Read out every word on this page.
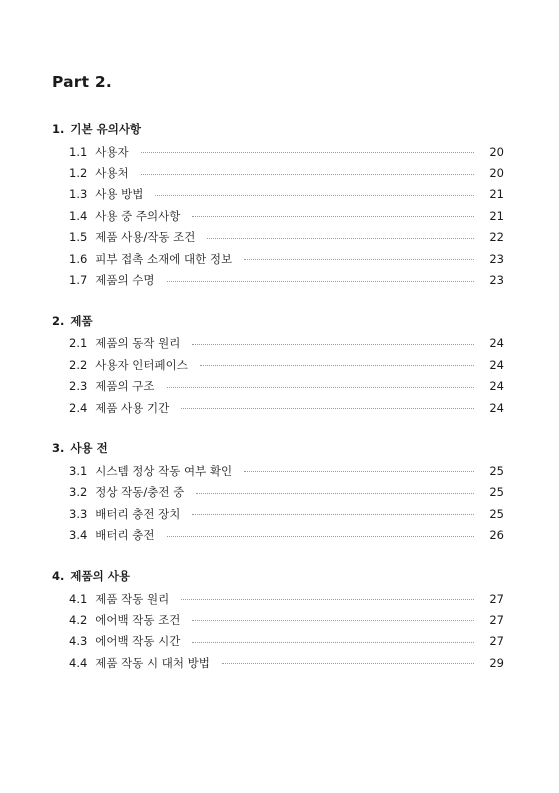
Part 2.
1. 기본 유의사항
1.1 사용자	20
1.2 사용처	20
1.3 사용 방법	21
1.4 사용 중 주의사항	21
1.5 제품 사용/작동 조건	22
1.6 피부 접촉 소재에 대한 정보	23
1.7 제품의 수명	23
2. 제품
2.1 제품의 동작 원리	24
2.2 사용자 인터페이스	24
2.3 제품의 구조	24
2.4 제품 사용 기간	24
3. 사용 전
3.1 시스템 정상 작동 여부 확인	25
3.2 정상 작동/충전 중	25
3.3 배터리 충전 장치	25
3.4 배터리 충전	26
4. 제품의 사용
4.1 제품 작동 원리	27
4.2 에어백 작동 조건	27
4.3 에어백 작동 시간	27
4.4 제품 작동 시 대처 방법	29
